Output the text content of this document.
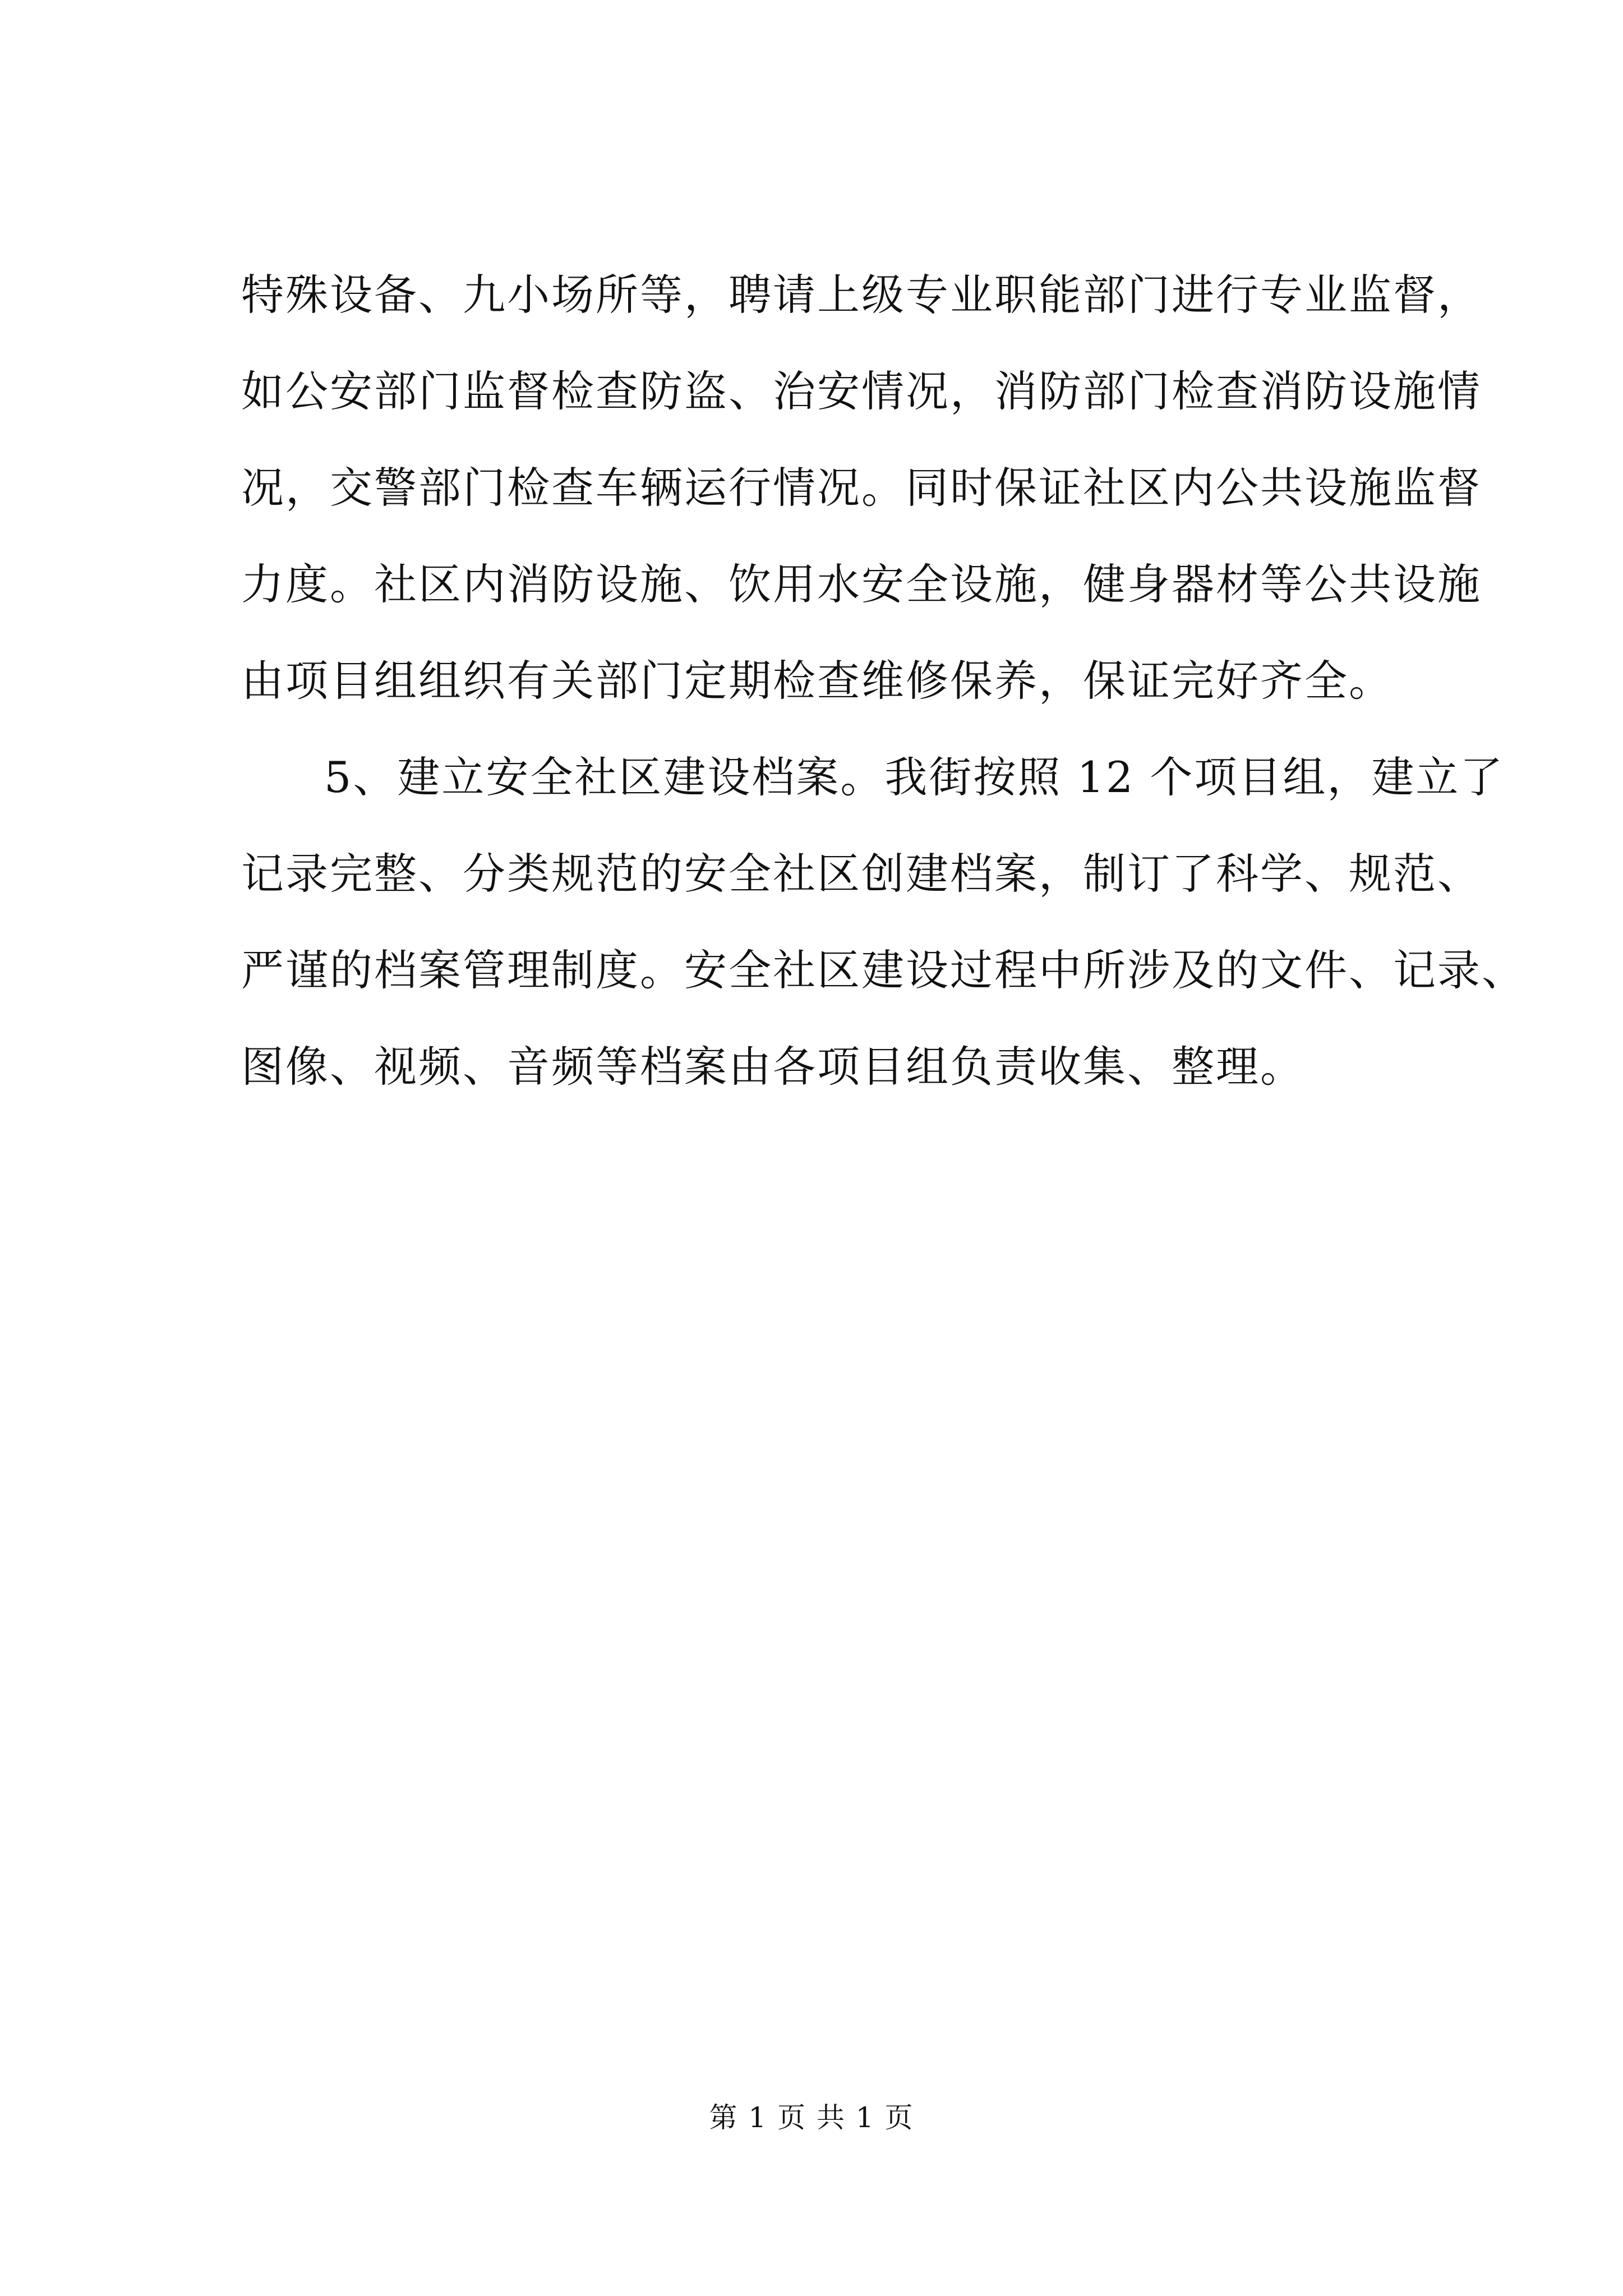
特殊设备、九小场所等，聘请上级专业职能部门进行专业监督，
如公安部门监督检查防盗、治安情况，消防部门检查消防设施情
况，交警部门检查车辆运行情况。同时保证社区内公共设施监督
力度。社区内消防设施、饮用水安全设施，健身器材等公共设施
由项目组组织有关部门定期检查维修保养，保证完好齐全。
5、建立安全社区建设档案。我街按照 12 个项目组，建立了
记录完整、分类规范的安全社区创建档案，制订了科学、规范、
严谨的档案管理制度。安全社区建设过程中所涉及的文件、记录、
图像、视频、音频等档案由各项目组负责收集、整理。
第 1 页 共 1 页
